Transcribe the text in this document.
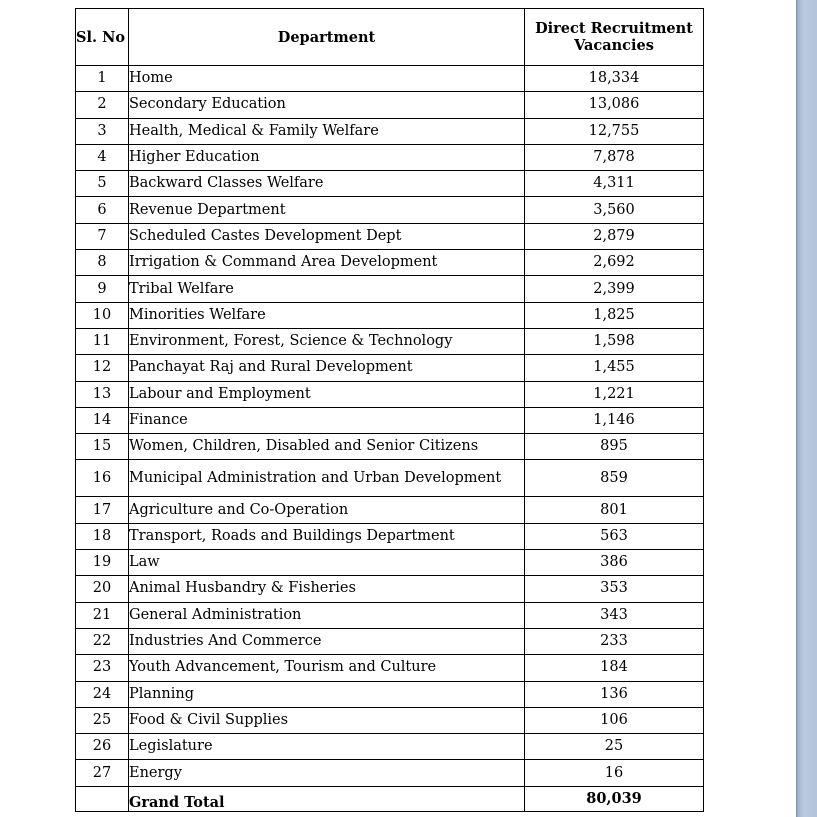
Sl. No	Department	Direct Recruitment Vacancies
1	Home	18,334
2	Secondary Education	13,086
3	Health, Medical & Family Welfare	12,755
4	Higher Education	7,878
5	Backward Classes Welfare	4,311
6	Revenue Department	3,560
7	Scheduled Castes Development Dept	2,879
8	Irrigation & Command Area Development	2,692
9	Tribal Welfare	2,399
10	Minorities Welfare	1,825
11	Environment, Forest, Science & Technology	1,598
12	Panchayat Raj and Rural Development	1,455
13	Labour and Employment	1,221
14	Finance	1,146
15	Women, Children, Disabled and Senior Citizens	895
16	Municipal Administration and Urban Development	859
17	Agriculture and Co-Operation	801
18	Transport, Roads and Buildings Department	563
19	Law	386
20	Animal Husbandry & Fisheries	353
21	General Administration	343
22	Industries And Commerce	233
23	Youth Advancement, Tourism and Culture	184
24	Planning	136
25	Food & Civil Supplies	106
26	Legislature	25
27	Energy	16
	Grand Total	80,039
